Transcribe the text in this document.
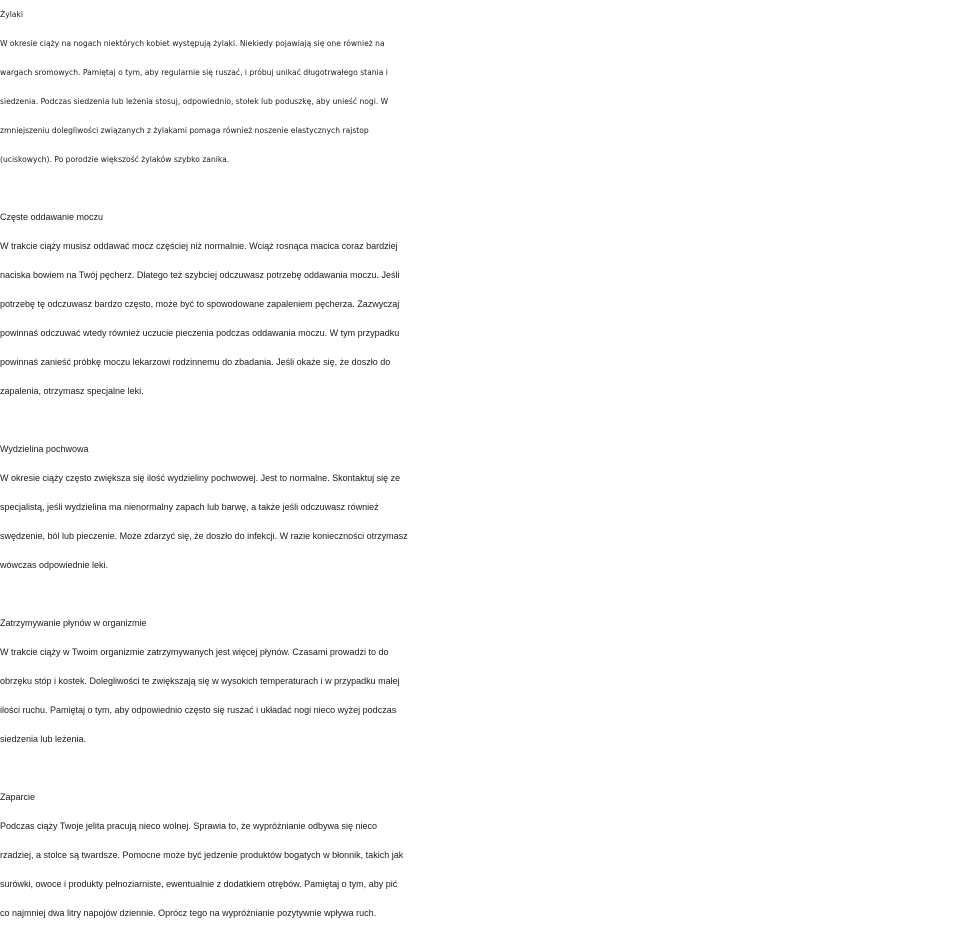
Żylaki
W okresie ciąży na nogach niektórych kobiet występują żylaki. Niekiedy pojawiają się one również na
wargach sromowych. Pamiętaj o tym, aby regularnie się ruszać, i próbuj unikać długotrwałego stania i
siedzenia. Podczas siedzenia lub leżenia stosuj, odpowiednio, stołek lub poduszkę, aby unieść nogi. W
zmniejszeniu dolegliwości związanych z żylakami pomaga również noszenie elastycznych rajstop
(uciskowych). Po porodzie większość żylaków szybko zanika.
Częste oddawanie moczu
W trakcie ciąży musisz oddawać mocz częściej niż normalnie. Wciąż rosnąca macica coraz bardziej
naciska bowiem na Twój pęcherz. Dlatego też szybciej odczuwasz potrzebę oddawania moczu. Jeśli
potrzebę tę odczuwasz bardzo często, może być to spowodowane zapaleniem pęcherza. Zazwyczaj
powinnaś odczuwać wtedy również uczucie pieczenia podczas oddawania moczu. W tym przypadku
powinnaś zanieść próbkę moczu lekarzowi rodzinnemu do zbadania. Jeśli okaże się, że doszło do
zapalenia, otrzymasz specjalne leki.
Wydzielina pochwowa
W okresie ciąży często zwiększa się ilość wydzieliny pochwowej. Jest to normalne. Skontaktuj się ze
specjalistą, jeśli wydzielina ma nienormalny zapach lub barwę, a także jeśli odczuwasz również
swędzenie, ból lub pieczenie. Może zdarzyć się, że doszło do infekcji. W razie konieczności otrzymasz
wówczas odpowiednie leki.
Zatrzymywanie płynów w organizmie
W trakcie ciąży w Twoim organizmie zatrzymywanych jest więcej płynów. Czasami prowadzi to do
obrzęku stóp i kostek. Dolegliwości te zwiększają się w wysokich temperaturach i w przypadku małej
ilości ruchu. Pamiętaj o tym, aby odpowiednio często się ruszać i układać nogi nieco wyżej podczas
siedzenia lub leżenia.
Zaparcie
Podczas ciąży Twoje jelita pracują nieco wolnej. Sprawia to, że wypróżnianie odbywa się nieco
rzadziej, a stolce są twardsze. Pomocne może być jedzenie produktów bogatych w błonnik, takich jak
surówki, owoce i produkty pełnoziarniste, ewentualnie z dodatkiem otrębów. Pamiętaj o tym, aby pić
co najmniej dwa litry napojów dziennie. Oprócz tego na wypróżnianie pozytywnie wpływa ruch.
